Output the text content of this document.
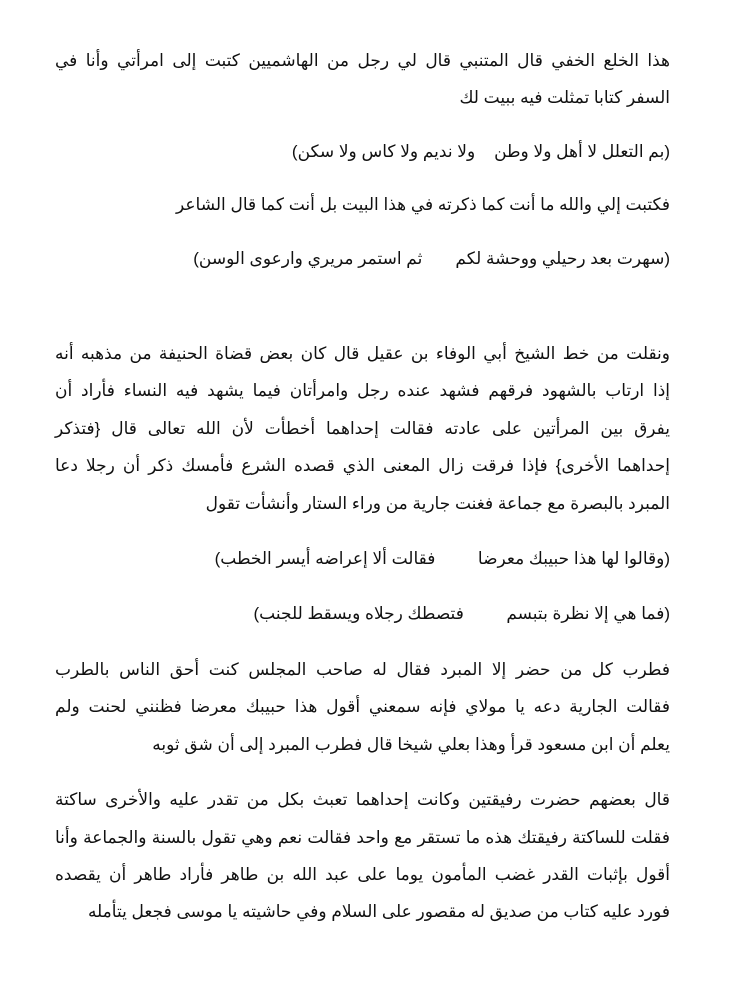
هذا الخلع الخفي قال المتنبي قال لي رجل من الهاشميين كتبت إلى امرأتي وأنا في
السفر كتابا تمثلت فيه ببيت لك

(بم التعلل لا أهل ولا وطن    ولا نديم ولا كاس ولا سكن)

فكتبت إلي والله ما أنت كما ذكرته في هذا البيت بل أنت كما قال الشاعر

(سهرت بعد رحيلي ووحشة لكم       ثم استمر مريري وارعوى الوسن)

ونقلت من خط الشيخ أبي الوفاء بن عقيل قال كان بعض قضاة الحنيفة من مذهبه أنه
إذا ارتاب بالشهود فرقهم فشهد عنده رجل وامرأتان فيما يشهد فيه النساء فأراد أن
يفرق بين المرأتين على عادته فقالت إحداهما أخطأت لأن الله تعالى قال {فتذكر
إحداهما الأخرى} فإذا فرقت زال المعنى الذي قصده الشرع فأمسك ذكر أن رجلا دعا
المبرد بالبصرة مع جماعة فغنت جارية من وراء الستار وأنشأت تقول

(وقالوا لها هذا حبيبك معرضا         فقالت ألا إعراضه أيسر الخطب)

(فما هي إلا نظرة بتبسم         فتصطك رجلاه ويسقط للجنب)

فطرب كل من حضر إلا المبرد فقال له صاحب المجلس كنت أحق الناس بالطرب
فقالت الجارية دعه يا مولاي فإنه سمعني أقول هذا حبيبك معرضا فظنني لحنت ولم
يعلم أن ابن مسعود قرأ وهذا بعلي شيخا قال فطرب المبرد إلى أن شق ثوبه

قال بعضهم حضرت رفيقتين وكانت إحداهما تعبث بكل من تقدر عليه والأخرى ساكتة
فقلت للساكتة رفيقتك هذه ما تستقر مع واحد فقالت نعم وهي تقول بالسنة والجماعة وأنا
أقول بإثبات القدر غضب المأمون يوما على عبد الله بن طاهر فأراد طاهر أن يقصده
فورد عليه كتاب من صديق له مقصور على السلام وفي حاشيته يا موسى فجعل يتأمله
